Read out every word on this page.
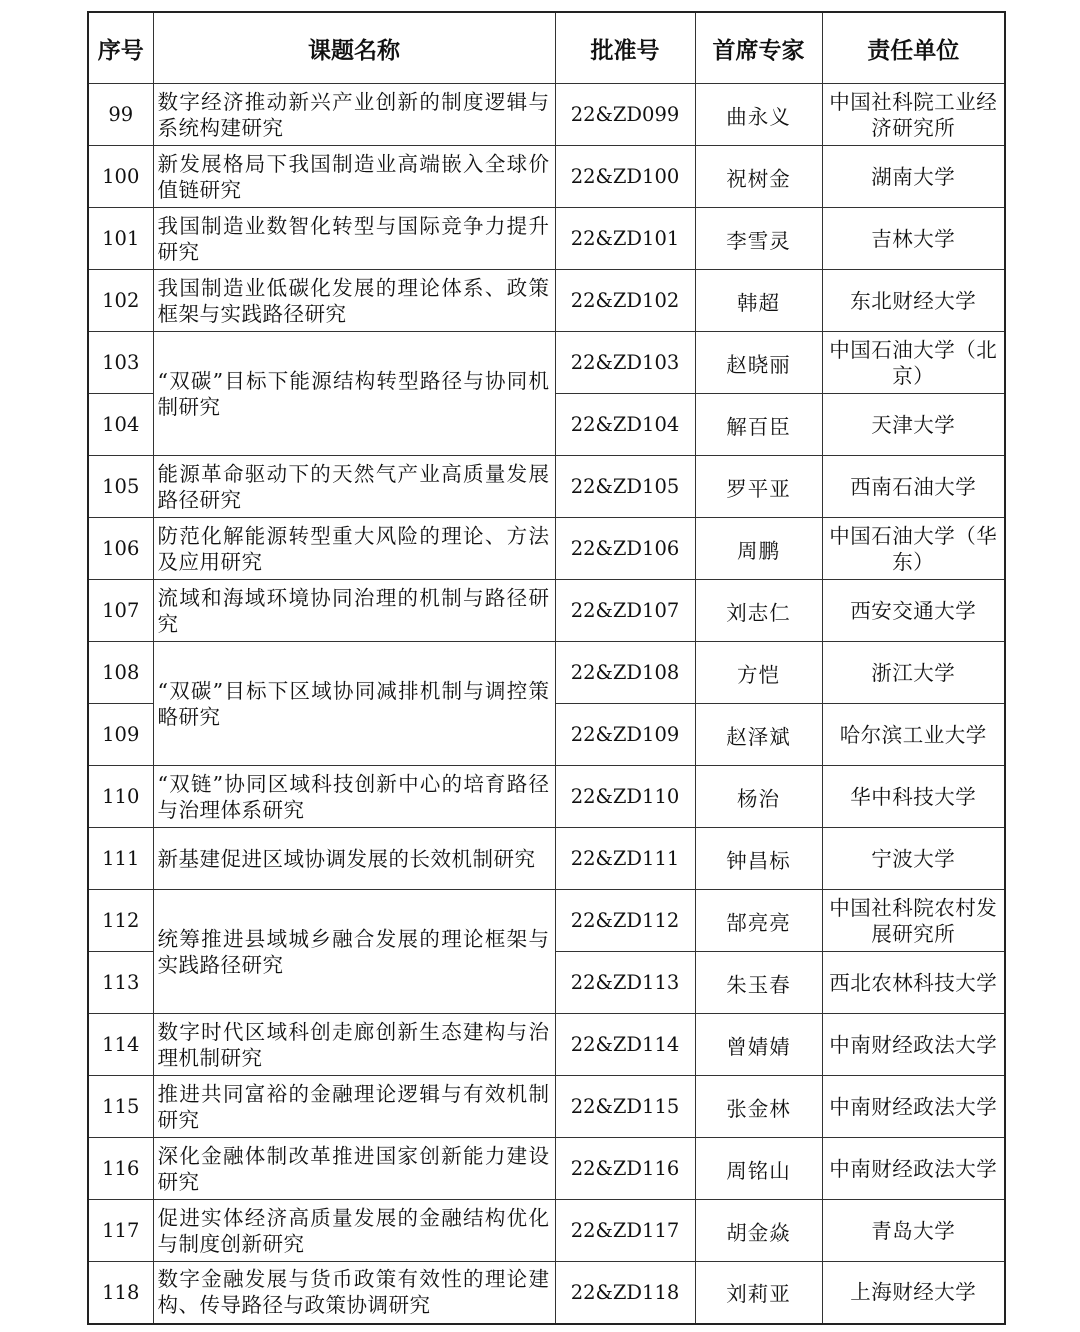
序号	课题名称	批准号	首席专家	责任单位
99	数字经济推动新兴产业创新的制度逻辑与系统构建研究	22&ZD099	曲永义	中国社科院工业经济研究所
100	新发展格局下我国制造业高端嵌入全球价值链研究	22&ZD100	祝树金	湖南大学
101	我国制造业数智化转型与国际竞争力提升研究	22&ZD101	李雪灵	吉林大学
102	我国制造业低碳化发展的理论体系、政策框架与实践路径研究	22&ZD102	韩超	东北财经大学
103	“双碳”目标下能源结构转型路径与协同机制研究	22&ZD103	赵晓丽	中国石油大学（北京）
104		22&ZD104	解百臣	天津大学
105	能源革命驱动下的天然气产业高质量发展路径研究	22&ZD105	罗平亚	西南石油大学
106	防范化解能源转型重大风险的理论、方法及应用研究	22&ZD106	周鹏	中国石油大学（华东）
107	流域和海域环境协同治理的机制与路径研究	22&ZD107	刘志仁	西安交通大学
108	“双碳”目标下区域协同减排机制与调控策略研究	22&ZD108	方恺	浙江大学
109		22&ZD109	赵泽斌	哈尔滨工业大学
110	“双链”协同区域科技创新中心的培育路径与治理体系研究	22&ZD110	杨治	华中科技大学
111	新基建促进区域协调发展的长效机制研究	22&ZD111	钟昌标	宁波大学
112	统筹推进县域城乡融合发展的理论框架与实践路径研究	22&ZD112	郜亮亮	中国社科院农村发展研究所
113		22&ZD113	朱玉春	西北农林科技大学
114	数字时代区域科创走廊创新生态建构与治理机制研究	22&ZD114	曾婧婧	中南财经政法大学
115	推进共同富裕的金融理论逻辑与有效机制研究	22&ZD115	张金林	中南财经政法大学
116	深化金融体制改革推进国家创新能力建设研究	22&ZD116	周铭山	中南财经政法大学
117	促进实体经济高质量发展的金融结构优化与制度创新研究	22&ZD117	胡金焱	青岛大学
118	数字金融发展与货币政策有效性的理论建构、传导路径与政策协调研究	22&ZD118	刘莉亚	上海财经大学
